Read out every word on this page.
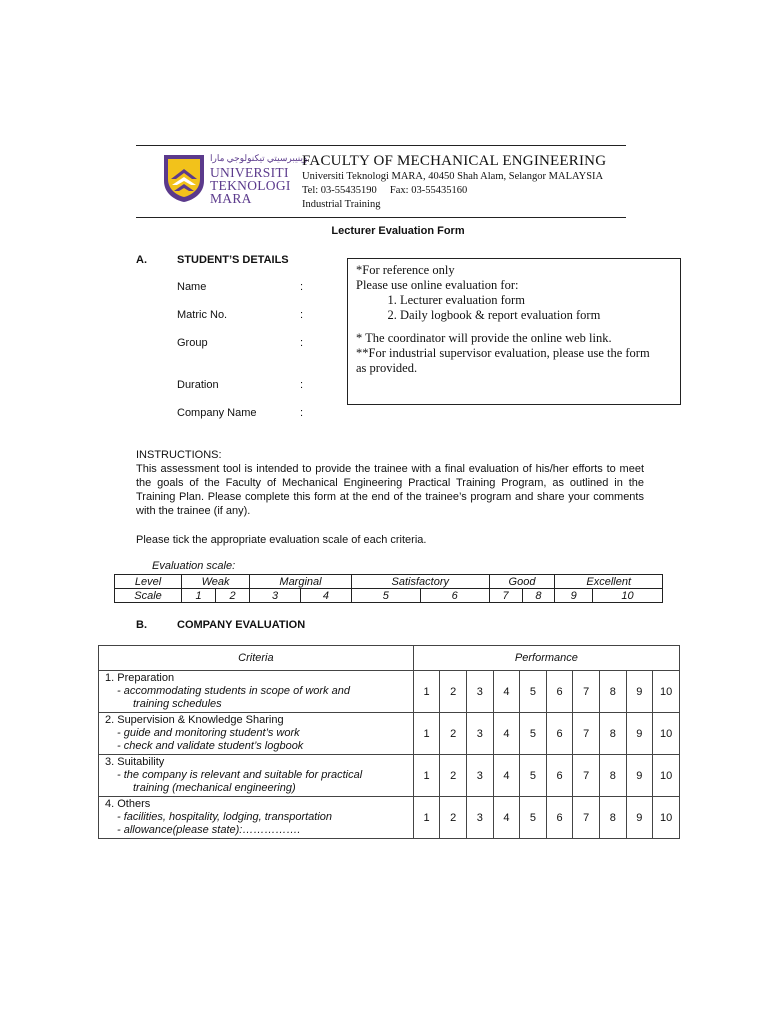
ﻮﻳﻨﻴﺒﺮﺳﻴﺘﻲ ﺗﻴﻜﻨﻮﻟﻮﺟﻲ ﻣﺎﺭﺍ
UNIVERSITI
TEKNOLOGI
MARA
FACULTY OF MECHANICAL ENGINEERING
Universiti Teknologi MARA, 40450 Shah Alam, Selangor MALAYSIA
Tel: 03-55435190     Fax: 03-55435160
Industrial Training
Lecturer Evaluation Form
A.	STUDENT’S DETAILS
Name	:
Matric No.	:
Group	:
Duration	:
Company Name	:
*For reference only
Please use online evaluation for:
1. Lecturer evaluation form
2. Daily logbook & report evaluation form
* The coordinator will provide the online web link.
**For industrial supervisor evaluation, please use the form as provided.
INSTRUCTIONS:
This assessment tool is intended to provide the trainee with a final evaluation of his/her efforts to meet the goals of the Faculty of Mechanical Engineering Practical Training Program, as outlined in the Training Plan. Please complete this form at the end of the trainee’s program and share your comments with the trainee (if any).
Please tick the appropriate evaluation scale of each criteria.
Evaluation scale:
Level	Weak		Marginal		Satisfactory		Good		Excellent	
Scale	1	2	3	4	5	6	7	8	9	10
B.	COMPANY EVALUATION
Criteria	Performance									

1. Preparation
- accommodating students in scope of work and
training schedules	1	2	3	4	5	6	7	8	9	10

2. Supervision & Knowledge Sharing
- guide and monitoring student’s work
- check and validate student’s logbook	1	2	3	4	5	6	7	8	9	10

3. Suitability
- the company is relevant and suitable for practical
training (mechanical engineering)	1	2	3	4	5	6	7	8	9	10

4. Others
- facilities, hospitality, lodging, transportation
- allowance(please state):…………….	1	2	3	4	5	6	7	8	9	10
